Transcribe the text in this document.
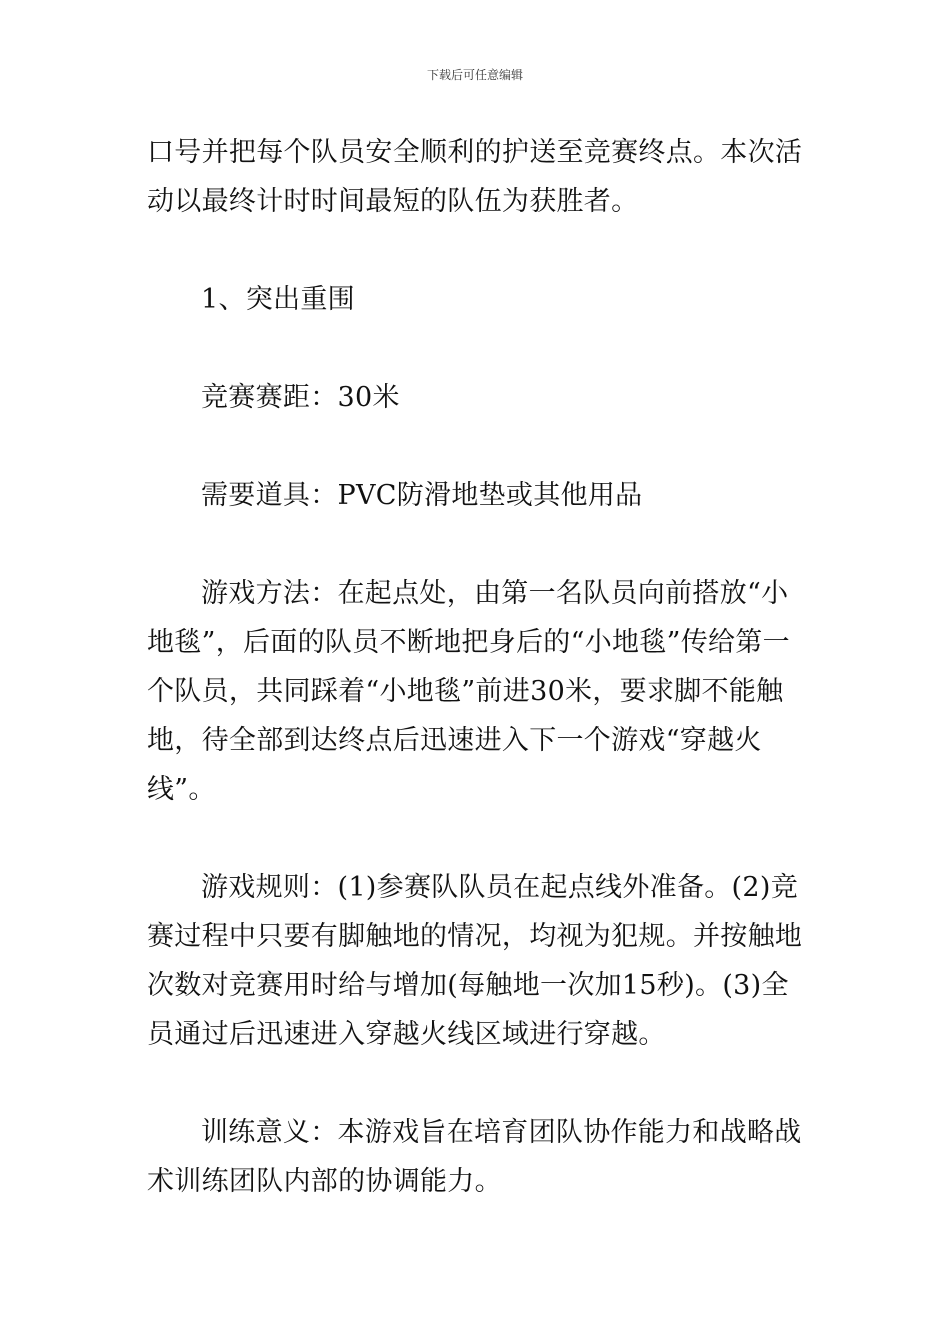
下载后可任意编辑

口号并把每个队员安全顺利的护送至竞赛终点。本次活动以最终计时时间最短的队伍为获胜者。

1、突出重围

竞赛赛距：30米

需要道具：PVC防滑地垫或其他用品

游戏方法：在起点处，由第一名队员向前搭放“小地毯”，后面的队员不断地把身后的“小地毯”传给第一个队员，共同踩着“小地毯”前进30米，要求脚不能触地，待全部到达终点后迅速进入下一个游戏“穿越火线”。

游戏规则：(1)参赛队队员在起点线外准备。(2)竞赛过程中只要有脚触地的情况，均视为犯规。并按触地次数对竞赛用时给与增加(每触地一次加15秒)。(3)全员通过后迅速进入穿越火线区域进行穿越。

训练意义：本游戏旨在培育团队协作能力和战略战术训练团队内部的协调能力。
